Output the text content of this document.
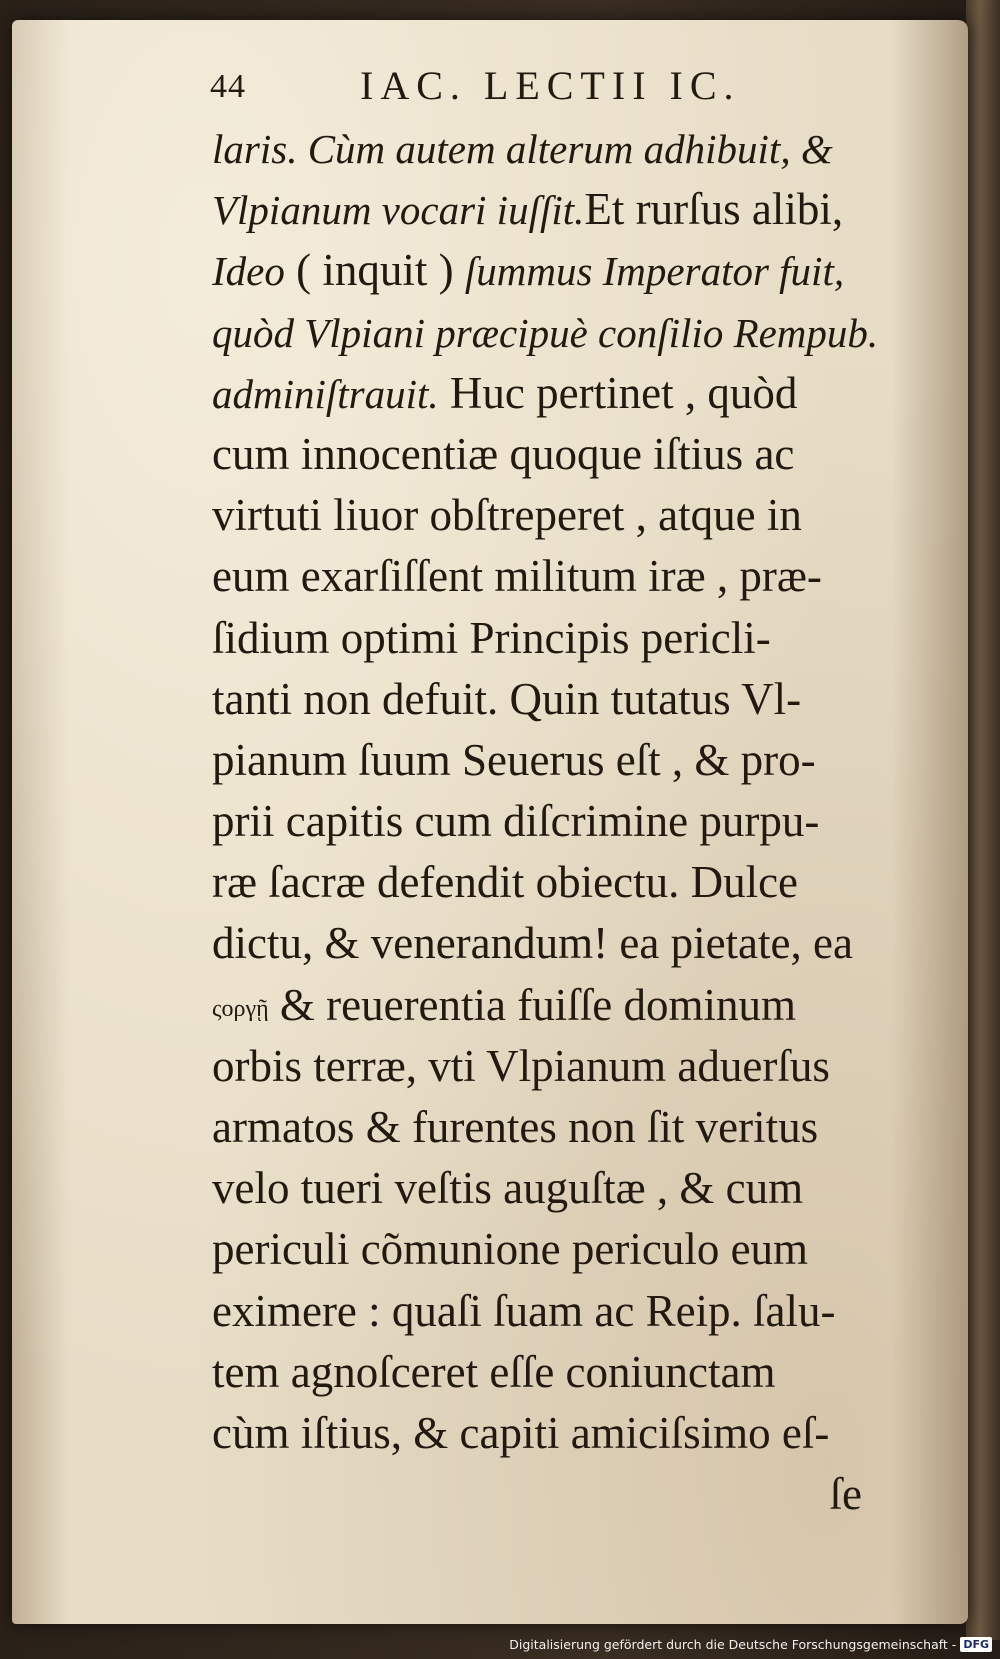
44	IAC. LECTII IC.
laris. Cùm autem alterum adhibuit, &
Vlpianum vocari iuſſit.Et rurſus alibi,
Ideo ( inquit ) ſummus Imperator fuit,
quòd Vlpiani præcipuè conſilio Rempub.
adminiſtrauit. Huc pertinet , quòd
cum innocentiæ quoque iſtius ac
virtuti liuor obſtreperet , atque in
eum exarſiſſent militum iræ , præ-
ſidium optimi Principis pericli-
tanti non defuit. Quin tutatus Vl-
pianum ſuum Seuerus eſt , & pro-
prii capitis cum diſcrimine purpu-
ræ ſacræ defendit obiectu. Dulce
dictu, & venerandum! ea pietate, ea
ςοργῇ & reuerentia fuiſſe dominum
orbis terræ, vti Vlpianum aduerſus
armatos & furentes non ſit veritus
velo tueri veſtis auguſtæ , & cum
periculi cõmunione periculo eum
eximere : quaſi ſuam ac Reip. ſalu-
tem agnoſceret eſſe coniunctam
cùm iſtius, & capiti amiciſsimo eſ-
ſe
Digitalisierung gefördert durch die Deutsche Forschungsgemeinschaft - DFG
